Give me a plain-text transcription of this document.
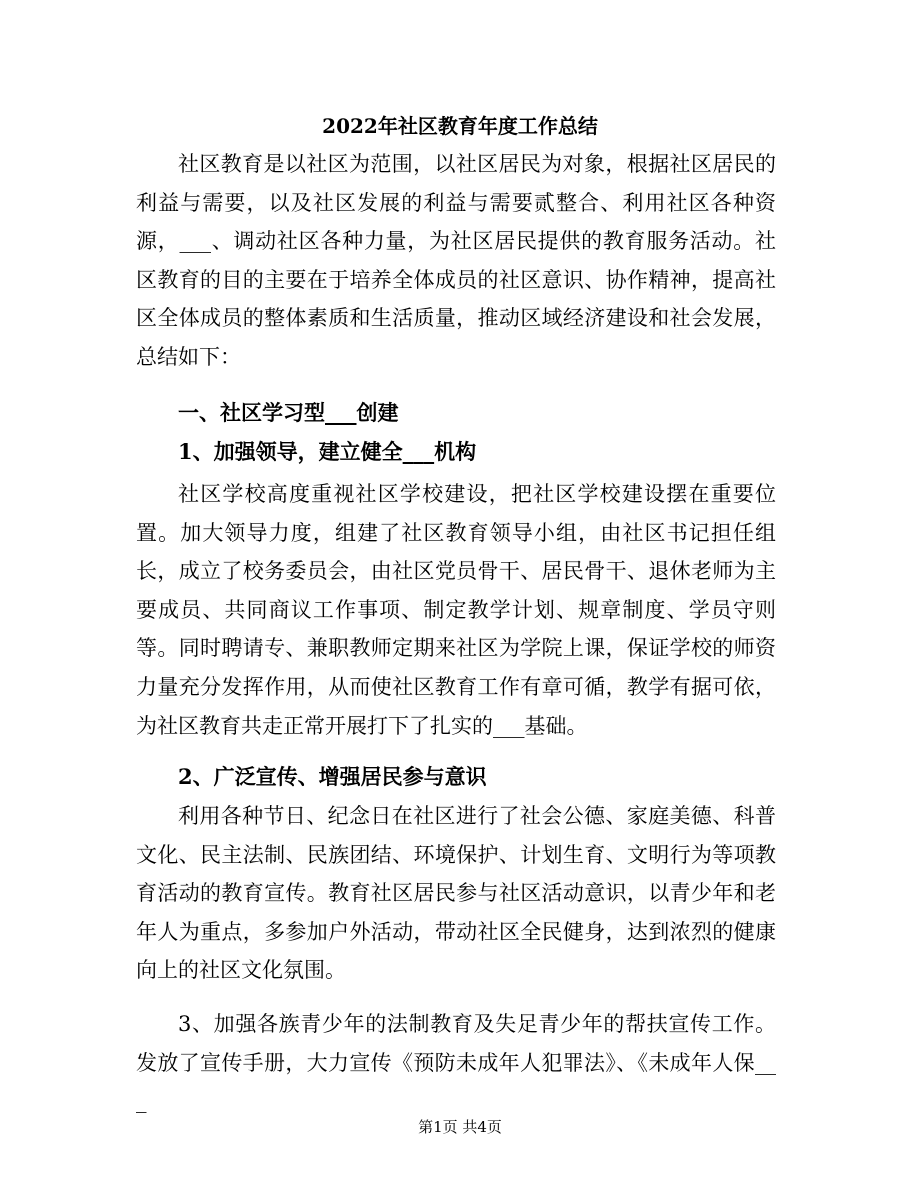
2022年社区教育年度工作总结

社区教育是以社区为范围，以社区居民为对象，根据社区居民的利益与需要，以及社区发展的利益与需要贰整合、利用社区各种资源，___、调动社区各种力量，为社区居民提供的教育服务活动。社区教育的目的主要在于培养全体成员的社区意识、协作精神，提高社区全体成员的整体素质和生活质量，推动区域经济建设和社会发展，总结如下：

一、社区学习型___创建

1、加强领导，建立健全___机构

社区学校高度重视社区学校建设，把社区学校建设摆在重要位置。加大领导力度，组建了社区教育领导小组，由社区书记担任组长，成立了校务委员会，由社区党员骨干、居民骨干、退休老师为主要成员、共同商议工作事项、制定教学计划、规章制度、学员守则等。同时聘请专、兼职教师定期来社区为学院上课，保证学校的师资力量充分发挥作用，从而使社区教育工作有章可循，教学有据可依，为社区教育共走正常开展打下了扎实的___基础。

2、广泛宣传、增强居民参与意识

利用各种节日、纪念日在社区进行了社会公德、家庭美德、科普文化、民主法制、民族团结、环境保护、计划生育、文明行为等项教育活动的教育宣传。教育社区居民参与社区活动意识，以青少年和老年人为重点，多参加户外活动，带动社区全民健身，达到浓烈的健康向上的社区文化氛围。

3、加强各族青少年的法制教育及失足青少年的帮扶宣传工作。发放了宣传手册，大力宣传《预防未成年人犯罪法》、《未成年人保___

第1页 共4页
